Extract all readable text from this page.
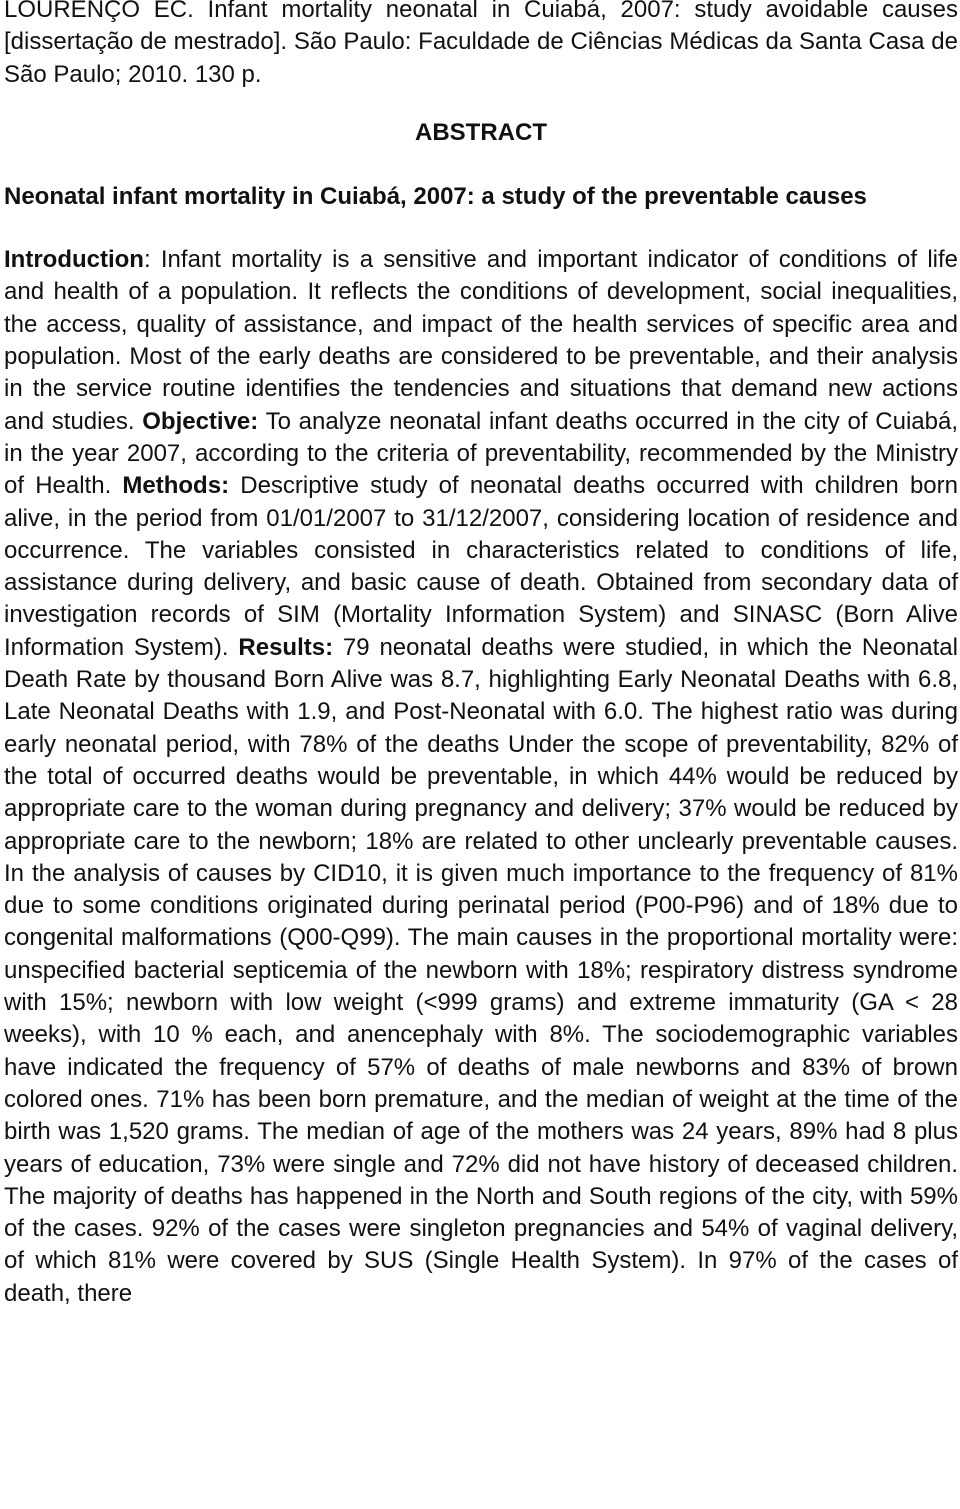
LOURENÇO EC. Infant mortality neonatal in Cuiabá, 2007: study avoidable causes [dissertação de mestrado]. São Paulo: Faculdade de Ciências Médicas da Santa Casa de São Paulo; 2010. 130 p.

ABSTRACT

Neonatal infant mortality in Cuiabá, 2007: a study of the preventable causes

Introduction: Infant mortality is a sensitive and important indicator of conditions of life and health of a population. It reflects the conditions of development, social inequalities, the access, quality of assistance, and impact of the health services of specific area and population. Most of the early deaths are considered to be preventable, and their analysis in the service routine identifies the tendencies and situations that demand new actions and studies. Objective: To analyze neonatal infant deaths occurred in the city of Cuiabá, in the year 2007, according to the criteria of preventability, recommended by the Ministry of Health. Methods: Descriptive study of neonatal deaths occurred with children born alive, in the period from 01/01/2007 to 31/12/2007, considering location of residence and occurrence. The variables consisted in characteristics related to conditions of life, assistance during delivery, and basic cause of death. Obtained from secondary data of investigation records of SIM (Mortality Information System) and SINASC (Born Alive Information System). Results: 79 neonatal deaths were studied, in which the Neonatal Death Rate by thousand Born Alive was 8.7, highlighting Early Neonatal Deaths with 6.8, Late Neonatal Deaths with 1.9, and Post-Neonatal with 6.0. The highest ratio was during early neonatal period, with 78% of the deaths Under the scope of preventability, 82% of the total of occurred deaths would be preventable, in which 44% would be reduced by appropriate care to the woman during pregnancy and delivery; 37% would be reduced by appropriate care to the newborn; 18% are related to other unclearly preventable causes. In the analysis of causes by CID10, it is given much importance to the frequency of 81% due to some conditions originated during perinatal period (P00-P96) and of 18% due to congenital malformations (Q00-Q99). The main causes in the proportional mortality were: unspecified bacterial septicemia of the newborn with 18%; respiratory distress syndrome with 15%; newborn with low weight (<999 grams) and extreme immaturity (GA < 28 weeks), with 10 % each, and anencephaly with 8%. The sociodemographic variables have indicated the frequency of 57% of deaths of male newborns and 83% of brown colored ones. 71% has been born premature, and the median of weight at the time of the birth was 1,520 grams. The median of age of the mothers was 24 years, 89% had 8 plus years of education, 73% were single and 72% did not have history of deceased children. The majority of deaths has happened in the North and South regions of the city, with 59% of the cases. 92% of the cases were singleton pregnancies and 54% of vaginal delivery, of which 81% were covered by SUS (Single Health System). In 97% of the cases of death, there
